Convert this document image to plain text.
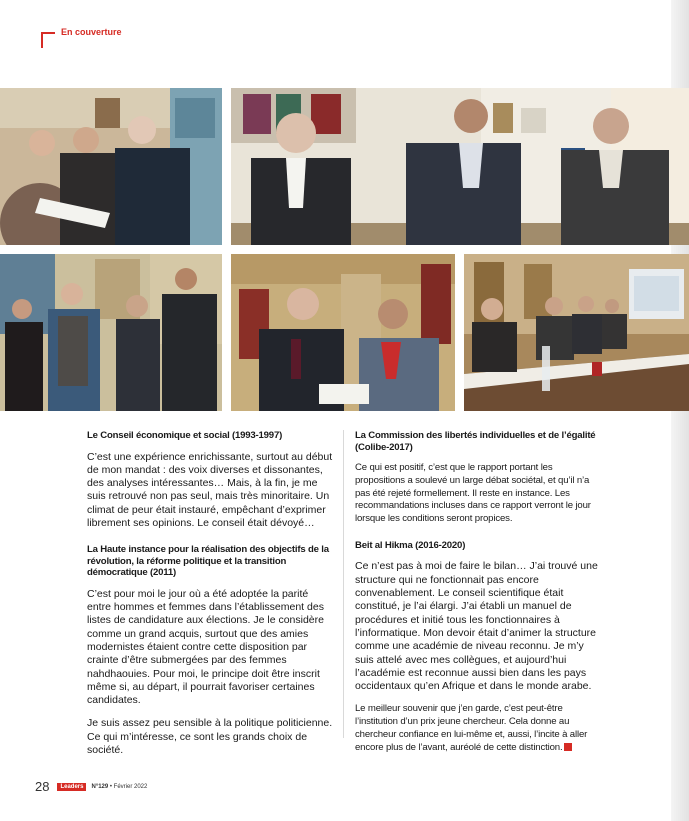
En couverture
Le Conseil économique et social (1993-1997)
C’est une expérience enrichissante, surtout au début de mon mandat : des voix diverses et dissonantes, des analyses intéressantes… Mais, à la fin, je me suis retrouvé non pas seul, mais très minoritaire. Un climat de peur était instauré, empêchant d’exprimer librement ses opinions. Le conseil était dévoyé…
La Haute instance pour la réalisation des objectifs de la révolution, la réforme politique et la transition démocratique (2011)
C’est pour moi le jour où a été adoptée la parité entre hommes et femmes dans l’établissement des listes de candidature aux élections. Je le considère comme un grand acquis, surtout que des amies modernistes étaient contre cette disposition par crainte d’être submergées par des femmes nahdhaouies. Pour moi, le principe doit être inscrit même si, au départ, il pourrait favoriser certaines candidates.
Je suis assez peu sensible à la politique politicienne. Ce qui m’intéresse, ce sont les grands choix de société.
La Commission des libertés individuelles et de l’égalité (Colibe-2017)
Ce qui est positif, c’est que le rapport portant les propositions a soulevé un large débat sociétal, et qu’il n’a pas été rejeté formellement. Il reste en instance. Les recommandations incluses dans ce rapport verront le jour lorsque les conditions seront propices.
Beit al Hikma (2016-2020)
Ce n’est pas à moi de faire le bilan… J’ai trouvé une structure qui ne fonctionnait pas encore convenablement. Le conseil scientifique était constitué, je l’ai élargi. J’ai établi un manuel de procédures et initié tous les fonctionnaires à l’informatique. Mon devoir était d’animer la structure comme une académie de niveau reconnu. Je m’y suis attelé avec mes collègues, et aujourd’hui l’académie est reconnue aussi bien dans les pays occidentaux qu’en Afrique et dans le monde arabe.
Le meilleur souvenir que j’en garde, c’est peut-être l’institution d’un prix jeune chercheur. Cela donne au chercheur confiance en lui-même et, aussi, l’incite à aller encore plus de l’avant, auréolé de cette distinction.
28	Leaders	N°129 • Février 2022
